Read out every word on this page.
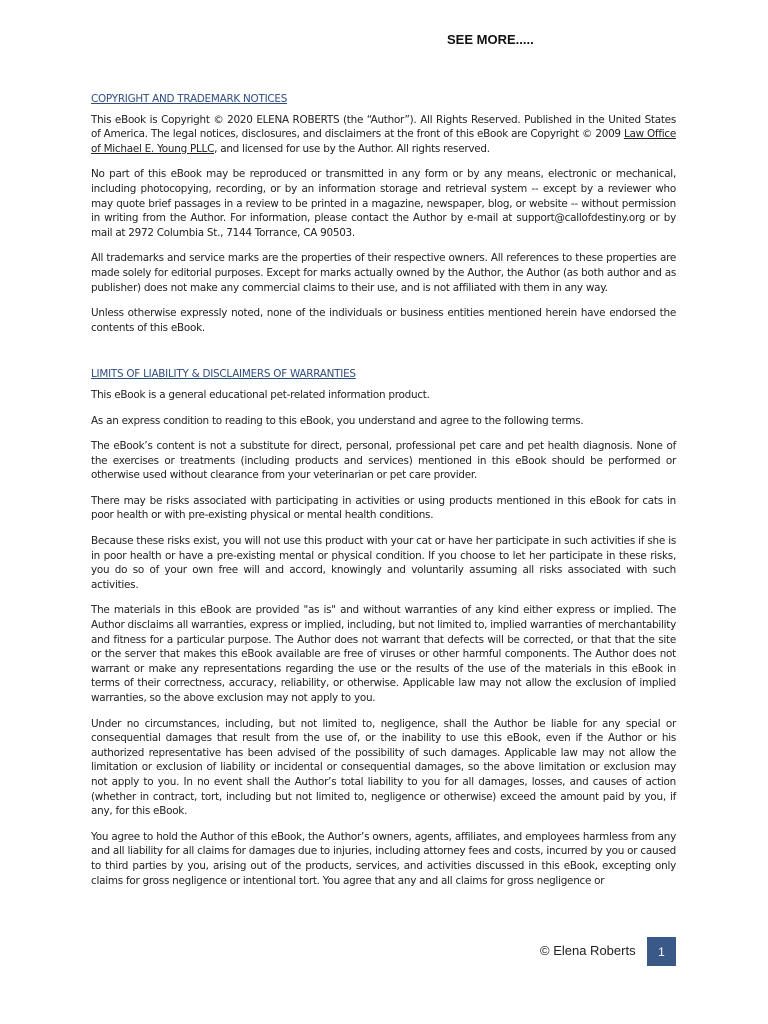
SEE MORE.....
COPYRIGHT AND TRADEMARK NOTICES

This eBook is Copyright © 2020 ELENA ROBERTS (the “Author”). All Rights Reserved. Published in the United States of America. The legal notices, disclosures, and disclaimers at the front of this eBook are Copyright © 2009 Law Office of Michael E. Young PLLC, and licensed for use by the Author. All rights reserved.

No part of this eBook may be reproduced or transmitted in any form or by any means, electronic or mechanical, including photocopying, recording, or by an information storage and retrieval system -- except by a reviewer who may quote brief passages in a review to be printed in a magazine, newspaper, blog, or website -- without permission in writing from the Author. For information, please contact the Author by e-mail at support@callofdestiny.org or by mail at 2972 Columbia St., 7144 Torrance, CA 90503.

All trademarks and service marks are the properties of their respective owners. All references to these properties are made solely for editorial purposes. Except for marks actually owned by the Author, the Author (as both author and as publisher) does not make any commercial claims to their use, and is not affiliated with them in any way.

Unless otherwise expressly noted, none of the individuals or business entities mentioned herein have endorsed the contents of this eBook.

LIMITS OF LIABILITY & DISCLAIMERS OF WARRANTIES

This eBook is a general educational pet-related information product.

As an express condition to reading to this eBook, you understand and agree to the following terms.

The eBook’s content is not a substitute for direct, personal, professional pet care and pet health diagnosis. None of the exercises or treatments (including products and services) mentioned in this eBook should be performed or otherwise used without clearance from your veterinarian or pet care provider.

There may be risks associated with participating in activities or using products mentioned in this eBook for cats in poor health or with pre-existing physical or mental health conditions.

Because these risks exist, you will not use this product with your cat or have her participate in such activities if she is in poor health or have a pre-existing mental or physical condition. If you choose to let her participate in these risks, you do so of your own free will and accord, knowingly and voluntarily assuming all risks associated with such activities.

The materials in this eBook are provided "as is" and without warranties of any kind either express or implied. The Author disclaims all warranties, express or implied, including, but not limited to, implied warranties of merchantability and fitness for a particular purpose. The Author does not warrant that defects will be corrected, or that that the site or the server that makes this eBook available are free of viruses or other harmful components. The Author does not warrant or make any representations regarding the use or the results of the use of the materials in this eBook in terms of their correctness, accuracy, reliability, or otherwise. Applicable law may not allow the exclusion of implied warranties, so the above exclusion may not apply to you.

Under no circumstances, including, but not limited to, negligence, shall the Author be liable for any special or consequential damages that result from the use of, or the inability to use this eBook, even if the Author or his authorized representative has been advised of the possibility of such damages. Applicable law may not allow the limitation or exclusion of liability or incidental or consequential damages, so the above limitation or exclusion may not apply to you. In no event shall the Author’s total liability to you for all damages, losses, and causes of action (whether in contract, tort, including but not limited to, negligence or otherwise) exceed the amount paid by you, if any, for this eBook.

You agree to hold the Author of this eBook, the Author’s owners, agents, affiliates, and employees harmless from any and all liability for all claims for damages due to injuries, including attorney fees and costs, incurred by you or caused to third parties by you, arising out of the products, services, and activities discussed in this eBook, excepting only claims for gross negligence or intentional tort. You agree that any and all claims for gross negligence or

© Elena Roberts	1
